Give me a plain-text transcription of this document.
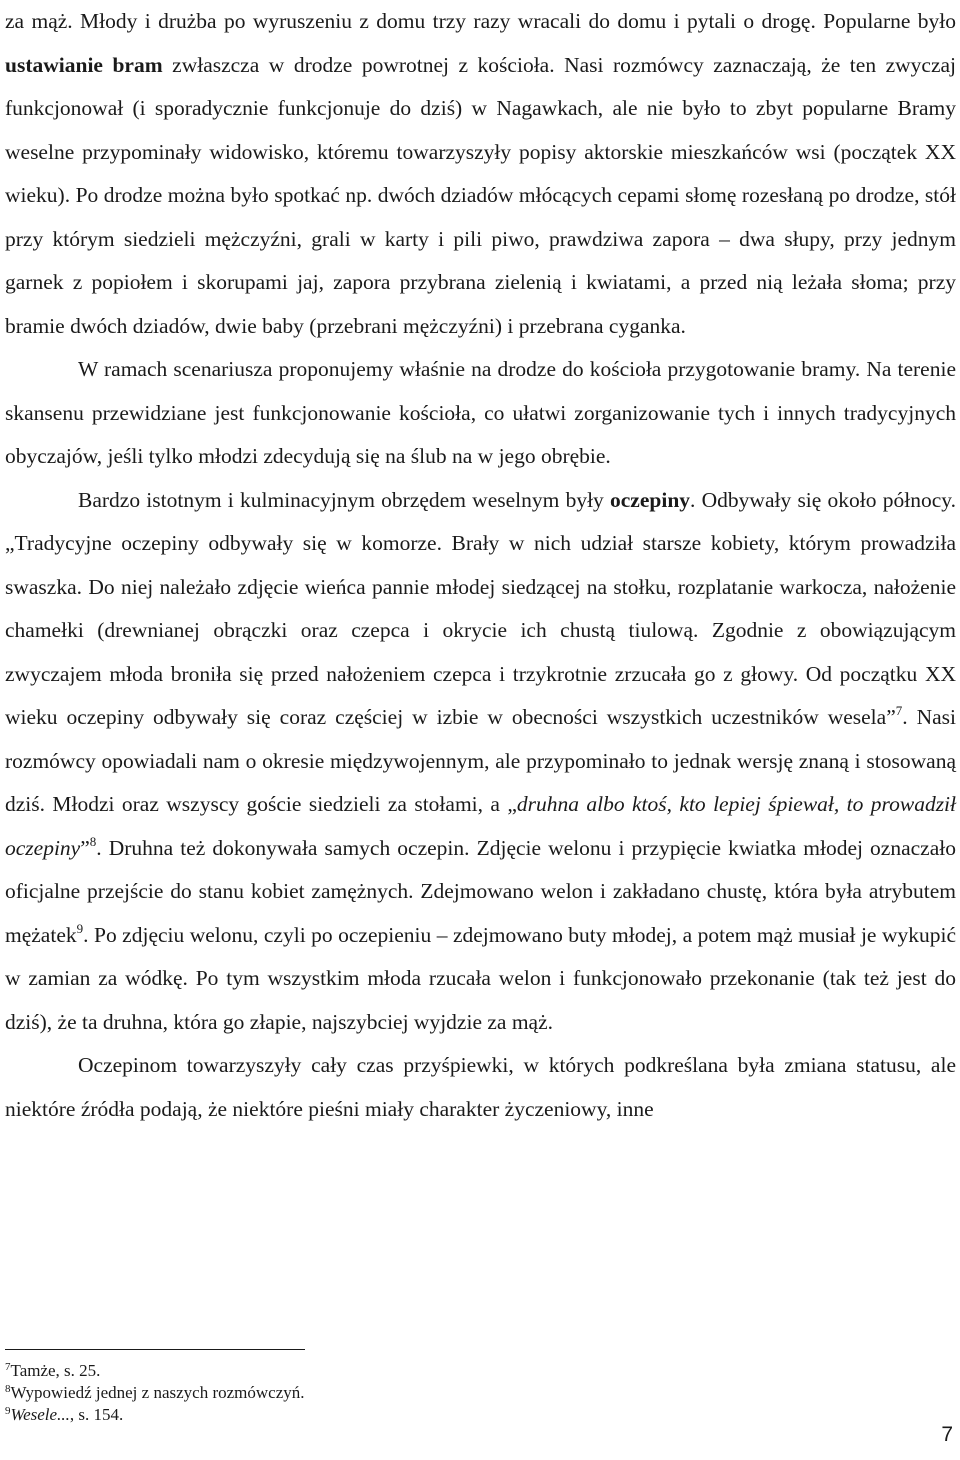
za mąż. Młody i drużba po wyruszeniu z domu trzy razy wracali do domu i pytali o drogę. Popularne było ustawianie bram zwłaszcza w drodze powrotnej z kościoła. Nasi rozmówcy zaznaczają, że ten zwyczaj funkcjonował (i sporadycznie funkcjonuje do dziś) w Nagawkach, ale nie było to zbyt popularne Bramy weselne przypominały widowisko, któremu towarzyszyły popisy aktorskie mieszkańców wsi (początek XX wieku). Po drodze można było spotkać np. dwóch dziadów młócących cepami słomę rozesłaną po drodze, stół przy którym siedzieli mężczyźni, grali w karty i pili piwo, prawdziwa zapora – dwa słupy, przy jednym garnek z popiołem i skorupami jaj, zapora przybrana zielenią i kwiatami, a przed nią leżała słoma; przy bramie dwóch dziadów, dwie baby (przebrani mężczyźni) i przebrana cyganka.

W ramach scenariusza proponujemy właśnie na drodze do kościoła przygotowanie bramy. Na terenie skansenu przewidziane jest funkcjonowanie kościoła, co ułatwi zorganizowanie tych i innych tradycyjnych obyczajów, jeśli tylko młodzi zdecydują się na ślub na w jego obrębie.

Bardzo istotnym i kulminacyjnym obrzędem weselnym były oczepiny. Odbywały się około północy. „Tradycyjne oczepiny odbywały się w komorze. Brały w nich udział starsze kobiety, którym prowadziła swaszka. Do niej należało zdjęcie wieńca pannie młodej siedzącej na stołku, rozplatanie warkocza, nałożenie chamełki (drewnianej obrączki oraz czepca i okrycie ich chustą tiulową. Zgodnie z obowiązującym zwyczajem młoda broniła się przed nałożeniem czepca i trzykrotnie zrzucała go z głowy. Od początku XX wieku oczepiny odbywały się coraz częściej w izbie w obecności wszystkich uczestników wesela”$^7$. Nasi rozmówcy opowiadali nam o okresie międzywojennym, ale przypominało to jednak wersję znaną i stosowaną dziś. Młodzi oraz wszyscy goście siedzieli za stołami, a „druhna albo ktoś, kto lepiej śpiewał, to prowadził oczepiny”$^8$. Druhna też dokonywała samych oczepin. Zdjęcie welonu i przypięcie kwiatka młodej oznaczało oficjalne przejście do stanu kobiet zamężnych. Zdejmowano welon i zakładano chustę, która była atrybutem mężatek$^9$. Po zdjęciu welonu, czyli po oczepieniu – zdejmowano buty młodej, a potem mąż musiał je wykupić w zamian za wódkę. Po tym wszystkim młoda rzucała welon i funkcjonowało przekonanie (tak też jest do dziś), że ta druhna, która go złapie, najszybciej wyjdzie za mąż.

Oczepinom towarzyszyły cały czas przyśpiewki, w których podkreślana była zmiana statusu, ale niektóre źródła podają, że niektóre pieśni miały charakter życzeniowy, inne

$^7$Tamże, s. 25.
$^8$Wypowiedź jednej z naszych rozmówczyń.
$^9$Wesele..., s. 154.
7
